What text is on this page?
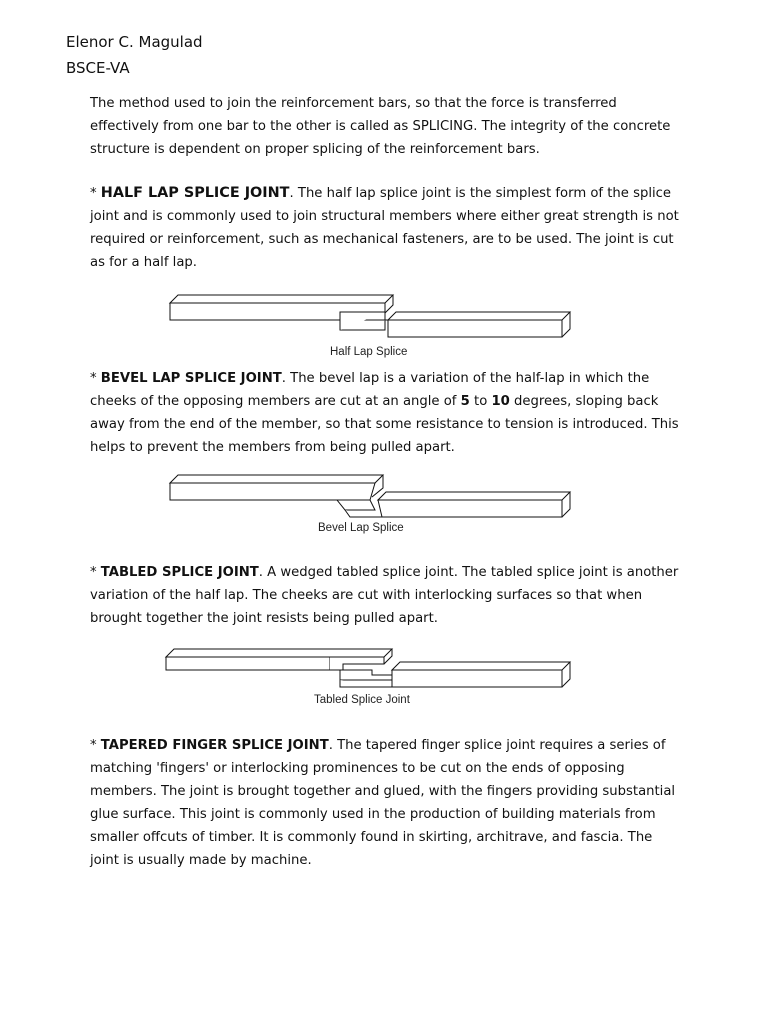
Elenor C. Magulad
BSCE-VA

The method used to join the reinforcement bars, so that the force is transferred effectively from one bar to the other is called as SPLICING. The integrity of the concrete structure is dependent on proper splicing of the reinforcement bars.

* HALF LAP SPLICE JOINT. The half lap splice joint is the simplest form of the splice joint and is commonly used to join structural members where either great strength is not required or reinforcement, such as mechanical fasteners, are to be used. The joint is cut as for a half lap.

Half Lap Splice

* BEVEL LAP SPLICE JOINT. The bevel lap is a variation of the half-lap in which the cheeks of the opposing members are cut at an angle of 5 to 10 degrees, sloping back away from the end of the member, so that some resistance to tension is introduced. This helps to prevent the members from being pulled apart.

Bevel Lap Splice

* TABLED SPLICE JOINT. A wedged tabled splice joint. The tabled splice joint is another variation of the half lap. The cheeks are cut with interlocking surfaces so that when brought together the joint resists being pulled apart.

Tabled Splice Joint

* TAPERED FINGER SPLICE JOINT. The tapered finger splice joint requires a series of matching 'fingers' or interlocking prominences to be cut on the ends of opposing members. The joint is brought together and glued, with the fingers providing substantial glue surface. This joint is commonly used in the production of building materials from smaller offcuts of timber. It is commonly found in skirting, architrave, and fascia. The joint is usually made by machine.
